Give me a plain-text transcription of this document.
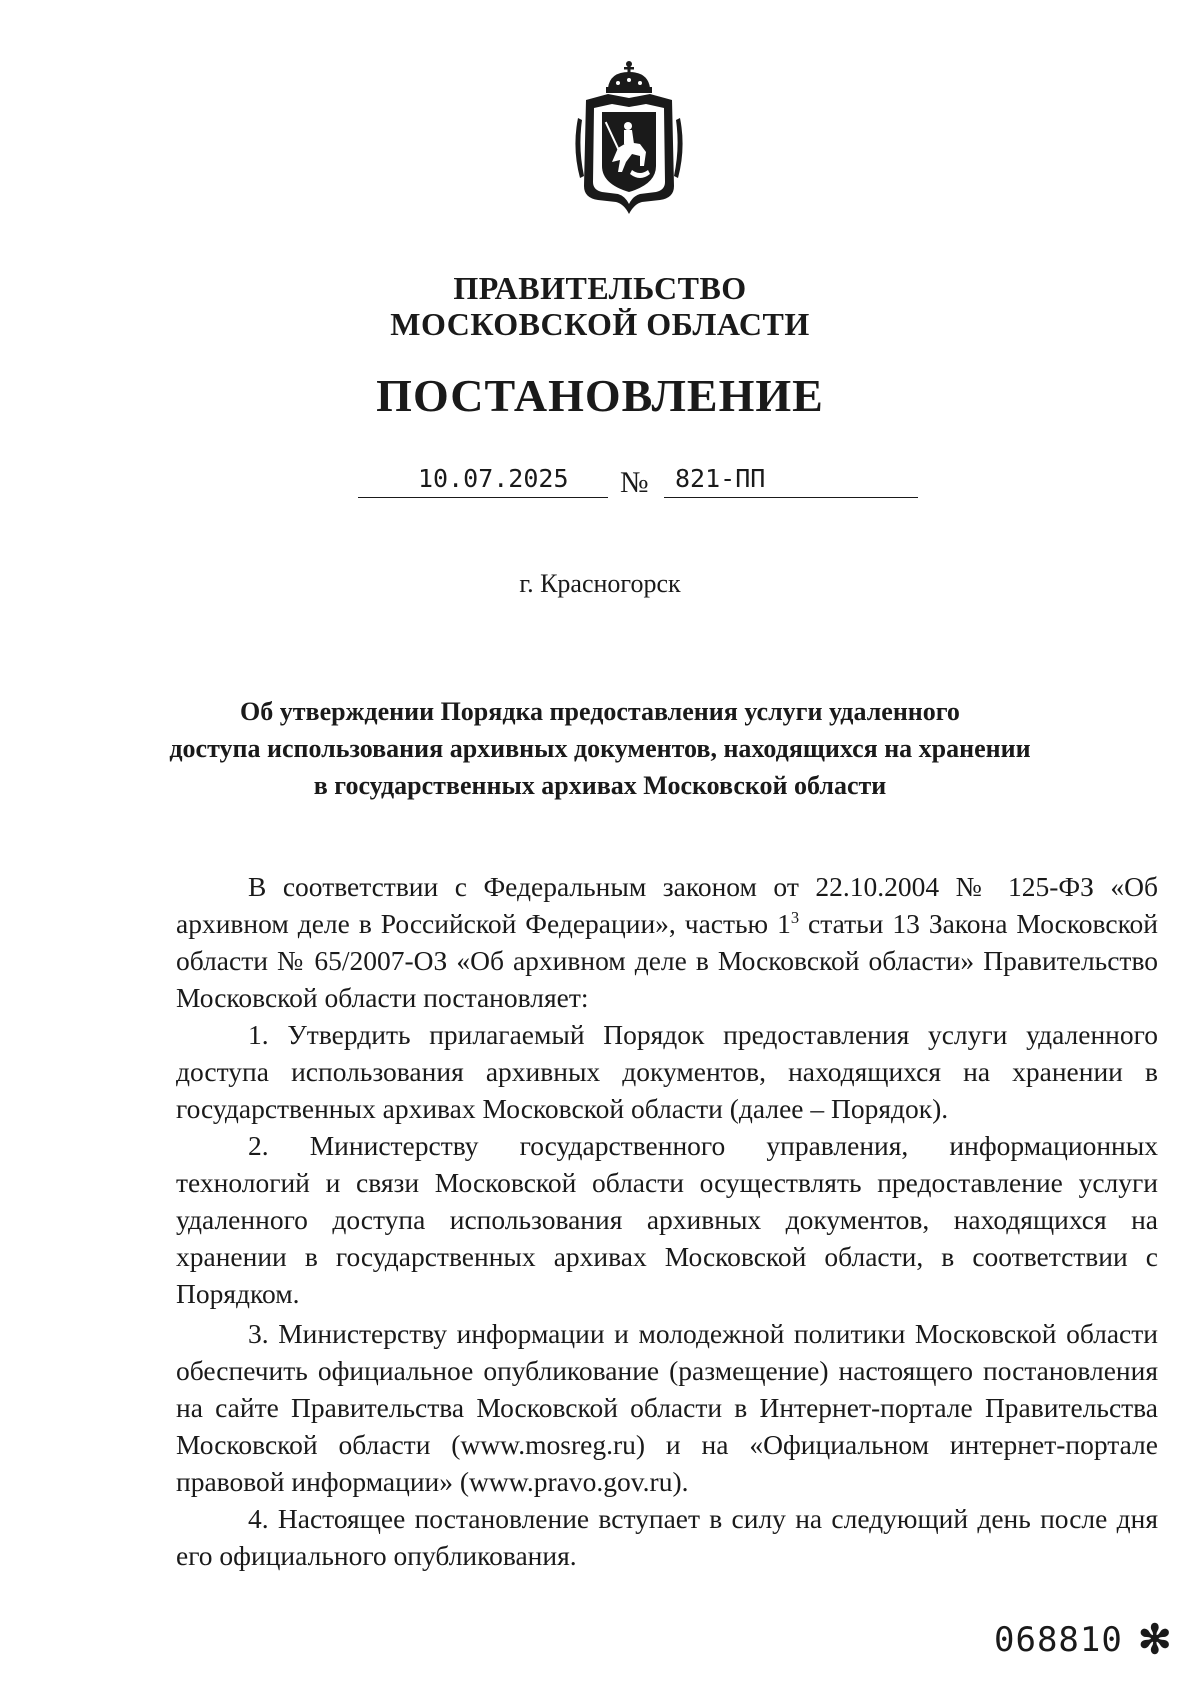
ПРАВИТЕЛЬСТВО
МОСКОВСКОЙ ОБЛАСТИ
ПОСТАНОВЛЕНИЕ
10.07.2025 № 821-ПП
г. Красногорск
Об утверждении Порядка предоставления услуги удаленного
доступа использования архивных документов, находящихся на хранении
в государственных архивах Московской области

В соответствии с Федеральным законом от 22.10.2004 № 125-ФЗ «Об архивном деле в Российской Федерации», частью $1^3$ статьи 13 Закона Московской области № 65/2007-ОЗ «Об архивном деле в Московской области» Правительство Московской области постановляет:

1. Утвердить прилагаемый Порядок предоставления услуги удаленного доступа использования архивных документов, находящихся на хранении в государственных архивах Московской области (далее – Порядок).

2. Министерству государственного управления, информационных технологий и связи Московской области осуществлять предоставление услуги удаленного доступа использования архивных документов, находящихся на хранении в государственных архивах Московской области, в соответствии с Порядком.

3. Министерству информации и молодежной политики Московской области обеспечить официальное опубликование (размещение) настоящего постановления на сайте Правительства Московской области в Интернет-портале Правительства Московской области (www.mosreg.ru) и на «Официальном интернет-портале правовой информации» (www.pravo.gov.ru).

4. Настоящее постановление вступает в силу на следующий день после дня его официального опубликования.

068810 ✻
